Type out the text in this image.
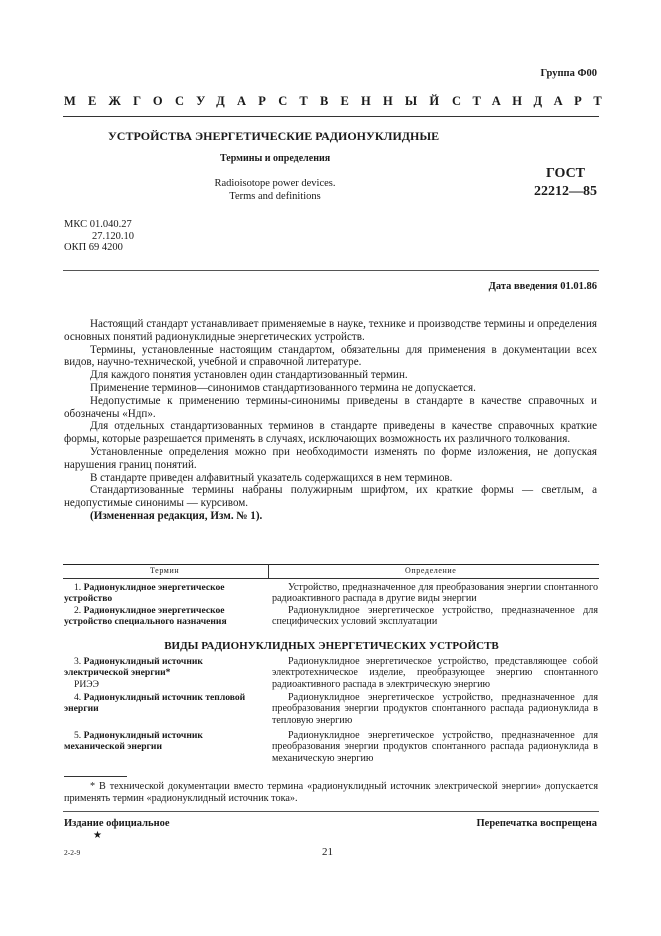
Группа Ф00
МЕЖГОСУДАРСТВЕННЫЙ СТАНДАРТ
УСТРОЙСТВА ЭНЕРГЕТИЧЕСКИЕ РАДИОНУКЛИДНЫЕ
Термины и определения
Radioisotope power devices.
Terms and definitions
ГОСТ
22212—85
МКС 01.040.27
27.120.10
ОКП 69 4200
Дата введения 01.01.86

Настоящий стандарт устанавливает применяемые в науке, технике и производстве термины и определения основных понятий радионуклидные энергетических устройств.

Термины, установленные настоящим стандартом, обязательны для применения в документации всех видов, научно-технической, учебной и справочной литературе.

Для каждого понятия установлен один стандартизованный термин.

Применение терминов—синонимов стандартизованного термина не допускается.

Недопустимые к применению термины-синонимы приведены в стандарте в качестве справочных и обозначены «Ндп».

Для отдельных стандартизованных терминов в стандарте приведены в качестве справочных краткие формы, которые разрешается применять в случаях, исключающих возможность их различного толкования.

Установленные определения можно при необходимости изменять по форме изложения, не допуская нарушения границ понятий.

В стандарте приведен алфавитный указатель содержащихся в нем терминов.

Стандартизованные термины набраны полужирным шрифтом, их краткие формы — светлым, а недопустимые синонимы — курсивом.

(Измененная редакция, Изм. № 1).

Термин	Определение
1. Радионуклидное энергетическое устройство
Устройство, предназначенное для преобразования энергии спонтанного радиоактивного распада в другие виды энергии
2. Радионуклидное энергетическое устройство специального назначения
Радионуклидное энергетическое устройство, предназначенное для специфических условий эксплуатации
ВИДЫ РАДИОНУКЛИДНЫХ ЭНЕРГЕТИЧЕСКИХ УСТРОЙСТВ
3. Радионуклидный источник электрической энергии*
РИЭЭ
Радионуклидное энергетическое устройство, представляющее собой электротехническое изделие, преобразующее энергию спонтанного радиоактивного распада в электрическую энергию
4. Радионуклидный источник тепловой энергии
Радионуклидное энергетическое устройство, предназначенное для преобразования энергии продуктов спонтанного распада радионуклида в тепловую энергию
5. Радионуклидный источник механической энергии
Радионуклидное энергетическое устройство, предназначенное для преобразования энергии продуктов спонтанного распада радионуклида в механическую энергию
* В технической документации вместо термина «радионуклидный источник электрической энергии» допускается применять термин «радионуклидный источник тока».
Издание официальное
★
Перепечатка воспрещена
2-2-9	21
